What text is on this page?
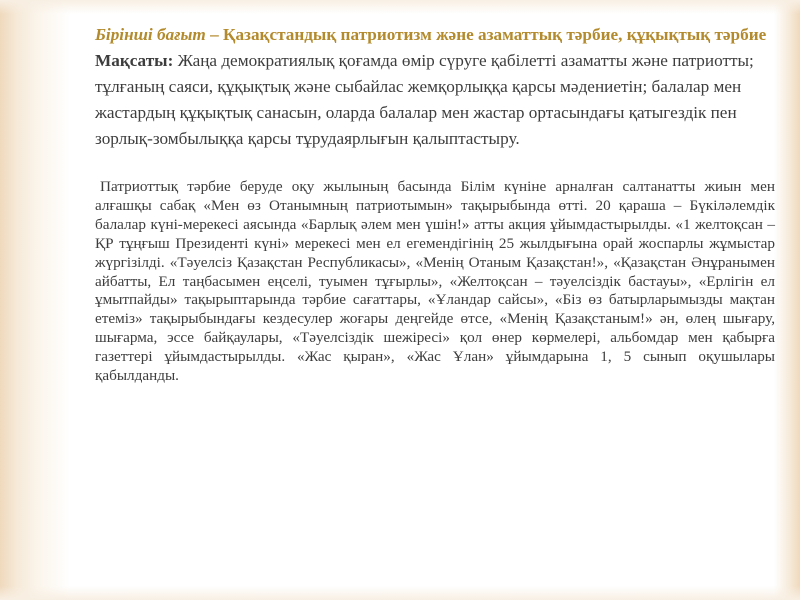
Бірінші бағыт – Қазақстандық патриотизм және азаматтық тәрбие, құқықтық тәрбие
Мақсаты: Жаңа демократиялық қоғамда өмір сүруге қабілетті азаматты және патриотты; тұлғаның саяси, құқықтық және сыбайлас жемқорлыққа қарсы мәдениетін; балалар мен жастардың құқықтық санасын, оларда балалар мен жастар ортасындағы қатыгездік пен зорлық-зомбылыққа қарсы тұрудаярлығын қалыптастыру.
Патриоттық тәрбие беруде оқу жылының басында Білім күніне арналған салтанатты жиын мен алғашқы сабақ «Мен өз Отанымның патриотымын» тақырыбында өтті. 20 қараша – Бүкіләлемдік балалар күні-мерекесі аясында «Барлық әлем мен үшін!» атты акция ұйымдастырылды. «1 желтоқсан – ҚР тұңғыш Президенті күні» мерекесі мен ел егемендігінің 25 жылдығына орай жоспарлы жұмыстар жүргізілді. «Тәуелсіз Қазақстан Республикасы», «Менің Отаным Қазақстан!», «Қазақстан Әнұранымен айбатты, Ел таңбасымен еңселі, туымен тұғырлы», «Желтоқсан – тәуелсіздік бастауы», «Ерлігін ел ұмытпайды» тақырыптарында тәрбие сағаттары, «Ұландар сайсы», «Біз өз батырларымызды мақтан етеміз» тақырыбындағы кездесулер жоғары деңгейде өтсе, «Менің Қазақстаным!» ән, өлең шығару, шығарма, эссе байқаулары, «Тәуелсіздік шежіресі» қол өнер көрмелері, альбомдар мен қабырға газеттері ұйымдастырылды. «Жас қыран», «Жас Ұлан» ұйымдарына 1, 5 сынып оқушылары қабылданды.
